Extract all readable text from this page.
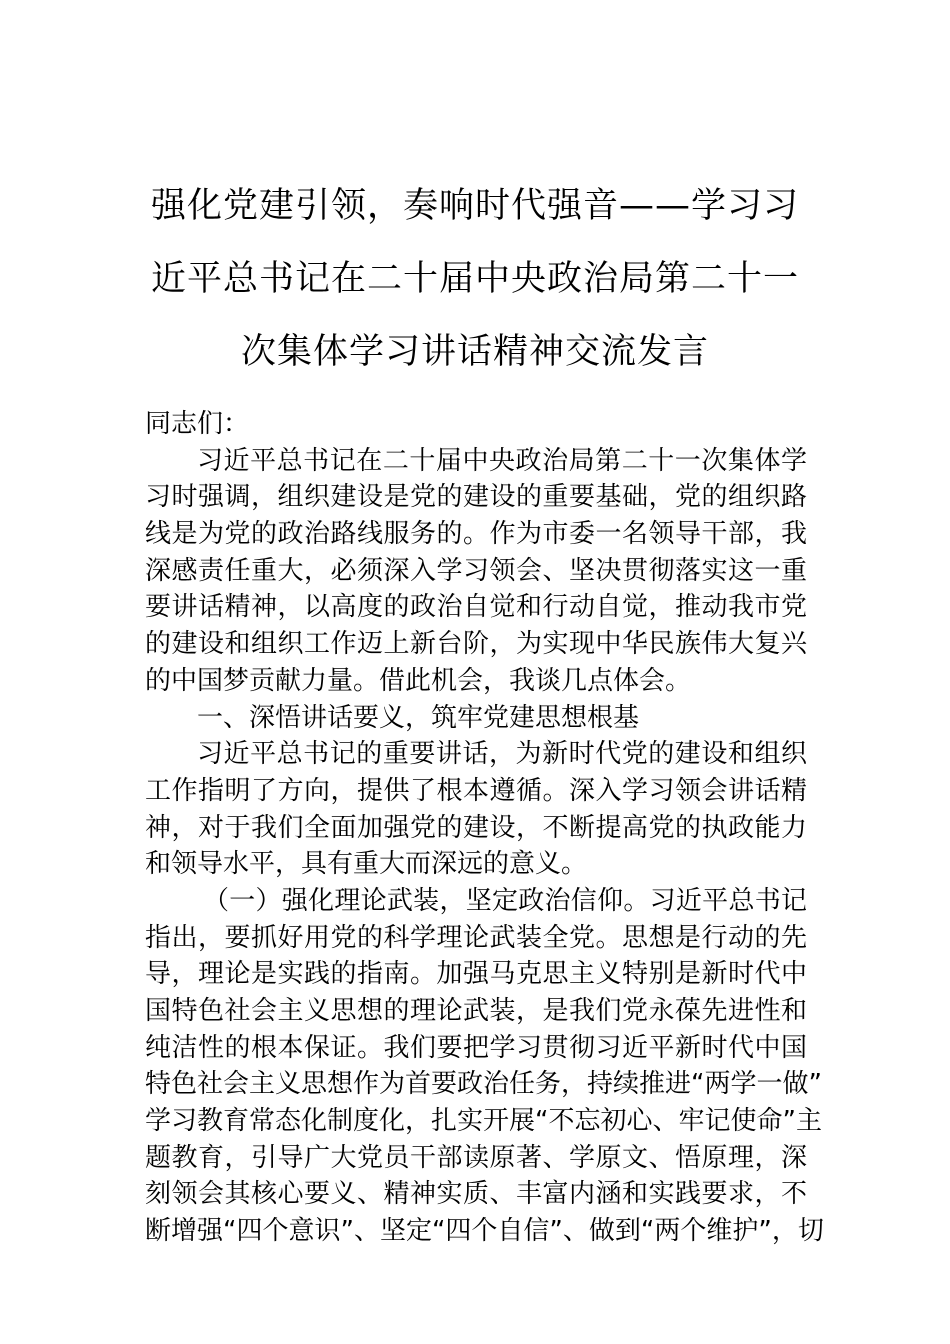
强化党建引领，奏响时代强音——学习习
近平总书记在二十届中央政治局第二十一
次集体学习讲话精神交流发言
同志们：
习近平总书记在二十届中央政治局第二十一次集体学
习时强调，组织建设是党的建设的重要基础，党的组织路
线是为党的政治路线服务的。作为市委一名领导干部，我
深感责任重大，必须深入学习领会、坚决贯彻落实这一重
要讲话精神，以高度的政治自觉和行动自觉，推动我市党
的建设和组织工作迈上新台阶，为实现中华民族伟大复兴
的中国梦贡献力量。借此机会，我谈几点体会。
一、深悟讲话要义，筑牢党建思想根基
习近平总书记的重要讲话，为新时代党的建设和组织
工作指明了方向，提供了根本遵循。深入学习领会讲话精
神，对于我们全面加强党的建设，不断提高党的执政能力
和领导水平，具有重大而深远的意义。
（一）强化理论武装，坚定政治信仰。习近平总书记
指出，要抓好用党的科学理论武装全党。思想是行动的先
导，理论是实践的指南。加强马克思主义特别是新时代中
国特色社会主义思想的理论武装，是我们党永葆先进性和
纯洁性的根本保证。我们要把学习贯彻习近平新时代中国
特色社会主义思想作为首要政治任务，持续推进“两学一做”
学习教育常态化制度化，扎实开展“不忘初心、牢记使命”主
题教育，引导广大党员干部读原著、学原文、悟原理，深
刻领会其核心要义、精神实质、丰富内涵和实践要求，不
断增强“四个意识”、坚定“四个自信”、做到“两个维护”，切
